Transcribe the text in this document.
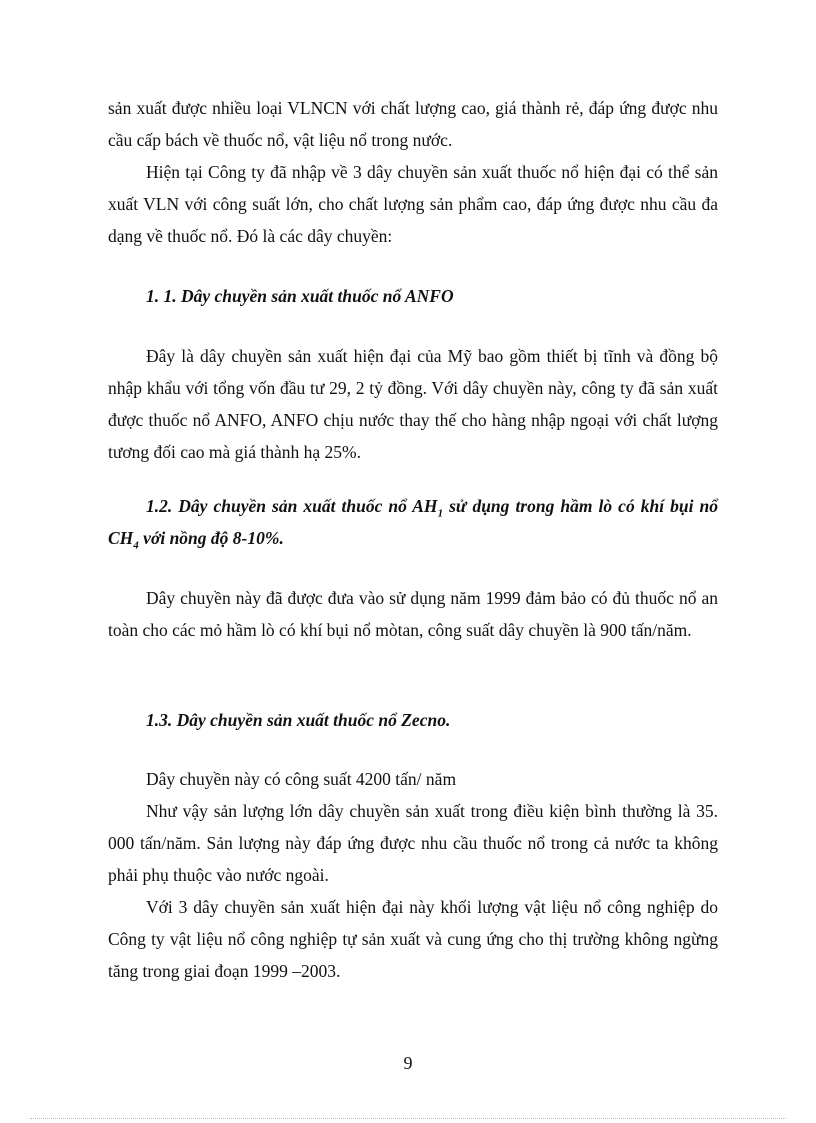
sản xuất được nhiều loại VLNCN với chất lượng cao, giá thành rẻ, đáp ứng được nhu cầu cấp bách về thuốc nổ, vật liệu nổ trong nước.

Hiện tại Công ty đã nhập về 3 dây chuyền sản xuất thuốc nổ hiện đại có thể sản xuất VLN với công suất lớn, cho chất lượng sản phẩm cao, đáp ứng được nhu cầu đa dạng về thuốc nổ. Đó là các dây chuyền:

1. 1. Dây chuyền sản xuất thuốc nổ ANFO

Đây là dây chuyền sản xuất hiện đại của Mỹ bao gồm thiết bị tĩnh và đồng bộ nhập khẩu với tổng vốn đầu tư 29, 2 tỷ đồng. Với dây chuyền này, công ty đã sản xuất được thuốc nổ ANFO, ANFO chịu nước thay thế cho hàng nhập ngoại với chất lượng tương đối cao mà giá thành hạ 25%.

1.2. Dây chuyền sản xuất thuốc nổ $AH_1$ sử dụng trong hầm lò có khí bụi nổ $CH_4$ với nồng độ 8-10%.

Dây chuyền này đã được đưa vào sử dụng năm 1999 đảm bảo có đủ thuốc nổ an toàn cho các mỏ hầm lò có khí bụi nổ mòtan, công suất dây chuyền là 900 tấn/năm.

1.3. Dây chuyền sản xuất thuốc nổ Zecno.

Dây chuyền này có công suất 4200 tấn/ năm

Như vậy sản lượng lớn dây chuyền sản xuất trong điều kiện bình thường là 35. 000 tấn/năm. Sản lượng này đáp ứng được nhu cầu thuốc nổ trong cả nước ta không phải phụ thuộc vào nước ngoài.

Với 3 dây chuyền sản xuất hiện đại này khối lượng vật liệu nổ công nghiệp do Công ty vật liệu nổ công nghiệp tự sản xuất và cung ứng cho thị trường không ngừng tăng trong giai đoạn 1999 –2003.

9
